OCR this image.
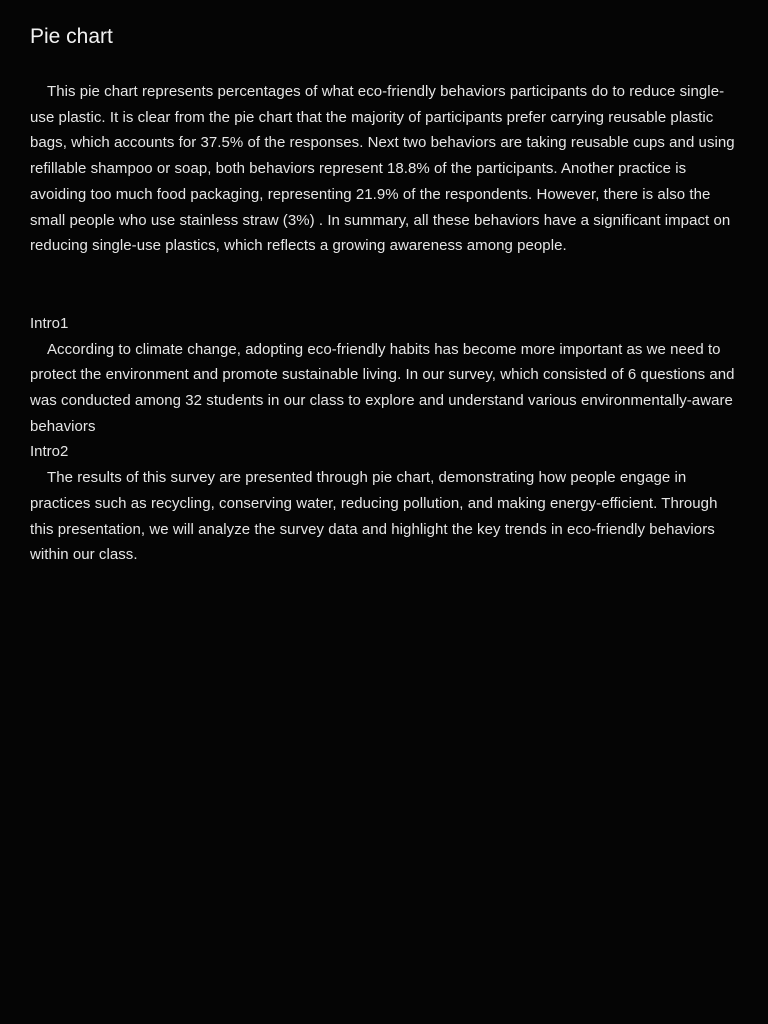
Pie chart

This pie chart represents percentages of what eco-friendly behaviors participants do to reduce single-use plastic. It is clear from the pie chart that the majority of participants prefer carrying reusable plastic bags, which accounts for 37.5% of the responses. Next two behaviors are taking reusable cups and using refillable shampoo or soap, both behaviors represent 18.8% of the participants. Another practice is avoiding too much food packaging, representing 21.9% of the respondents. However, there is also the small people who use stainless straw (3%) . In summary, all these behaviors have a significant impact on reducing single-use plastics, which reflects a growing awareness among people.

Intro1

According to climate change, adopting eco-friendly habits has become more important as we need to protect the environment and promote sustainable living. In our survey, which consisted of 6 questions and was conducted among 32 students in our class to explore and understand various environmentally-aware behaviors

Intro2

The results of this survey are presented through pie chart, demonstrating how people engage in practices such as recycling, conserving water, reducing pollution, and making energy-efficient. Through this presentation, we will analyze the survey data and highlight the key trends in eco-friendly behaviors within our class.
